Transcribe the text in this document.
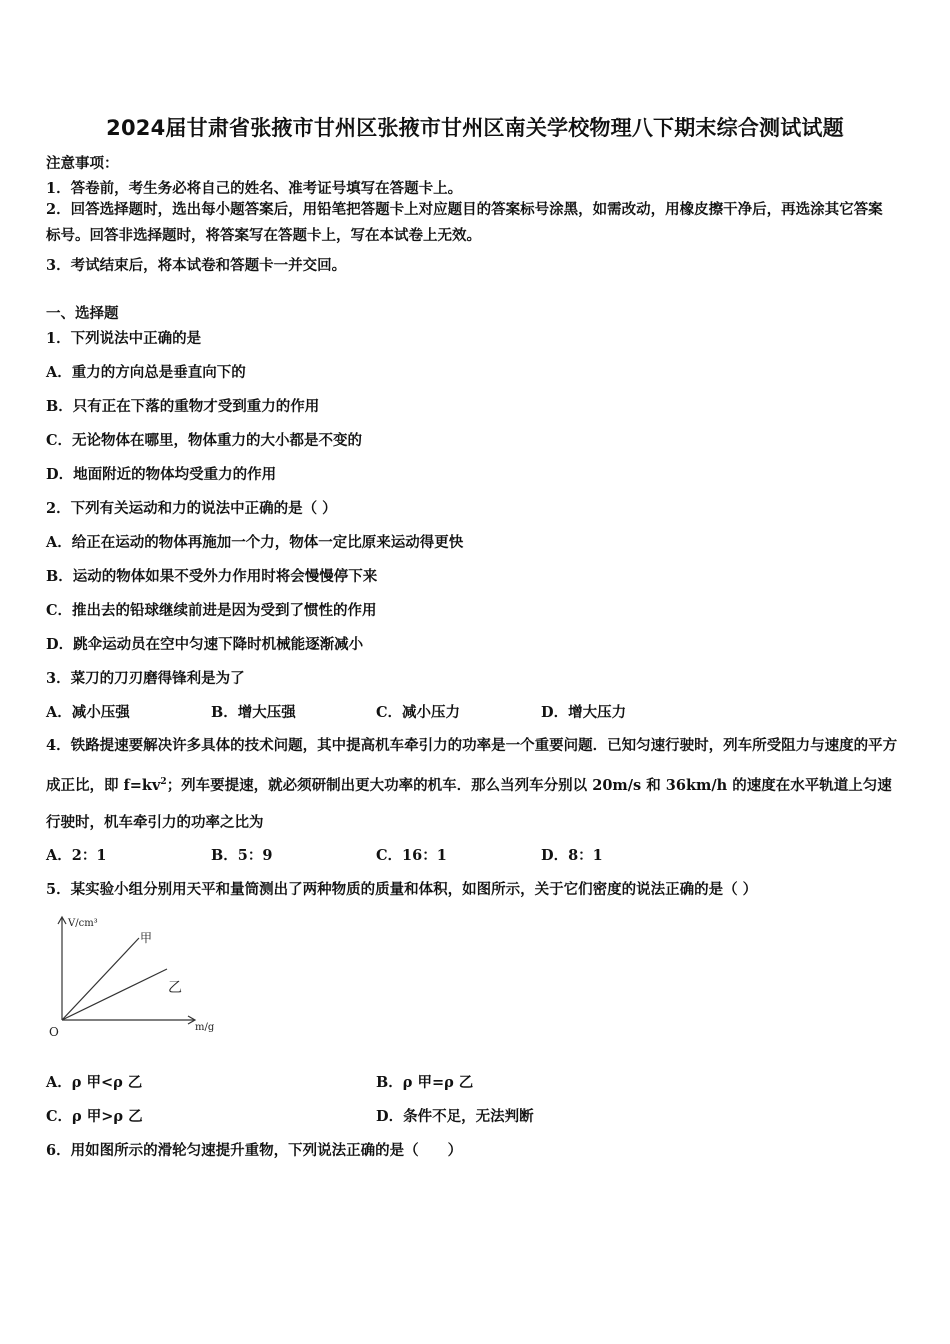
2024届甘肃省张掖市甘州区张掖市甘州区南关学校物理八下期末综合测试试题
注意事项：
1．答卷前，考生务必将自己的姓名、准考证号填写在答题卡上。
2．回答选择题时，选出每小题答案后，用铅笔把答题卡上对应题目的答案标号涂黑，如需改动，用橡皮擦干净后，再选涂其它答案标号。回答非选择题时，将答案写在答题卡上，写在本试卷上无效。
3．考试结束后，将本试卷和答题卡一并交回。
一、选择题
1．下列说法中正确的是
A．重力的方向总是垂直向下的
B．只有正在下落的重物才受到重力的作用
C．无论物体在哪里，物体重力的大小都是不变的
D．地面附近的物体均受重力的作用
2．下列有关运动和力的说法中正确的是（ ）
A．给正在运动的物体再施加一个力，物体一定比原来运动得更快
B．运动的物体如果不受外力作用时将会慢慢停下来
C．推出去的铅球继续前进是因为受到了惯性的作用
D．跳伞运动员在空中匀速下降时机械能逐渐减小
3．菜刀的刀刃磨得锋利是为了
A．减小压强	B．增大压强	C．减小压力	D．增大压力
4．铁路提速要解决许多具体的技术问题，其中提高机车牵引力的功率是一个重要问题．已知匀速行驶时，列车所受阻力与速度的平方成正比，即 $f=kv^2$；列车要提速，就必须研制出更大功率的机车．那么当列车分别以 20m/s 和 36km/h 的速度在水平轨道上匀速行驶时，机车牵引力的功率之比为
A．2：1	B．5：9	C．16：1	D．8：1
5．某实验小组分别用天平和量筒测出了两种物质的质量和体积，如图所示，关于它们密度的说法正确的是（ ）
V/cm³
m/g
O
甲
乙
A．ρ 甲<ρ 乙	B．ρ 甲=ρ 乙
C．ρ 甲>ρ 乙	D．条件不足，无法判断
6．用如图所示的滑轮匀速提升重物，下列说法正确的是（　　）
